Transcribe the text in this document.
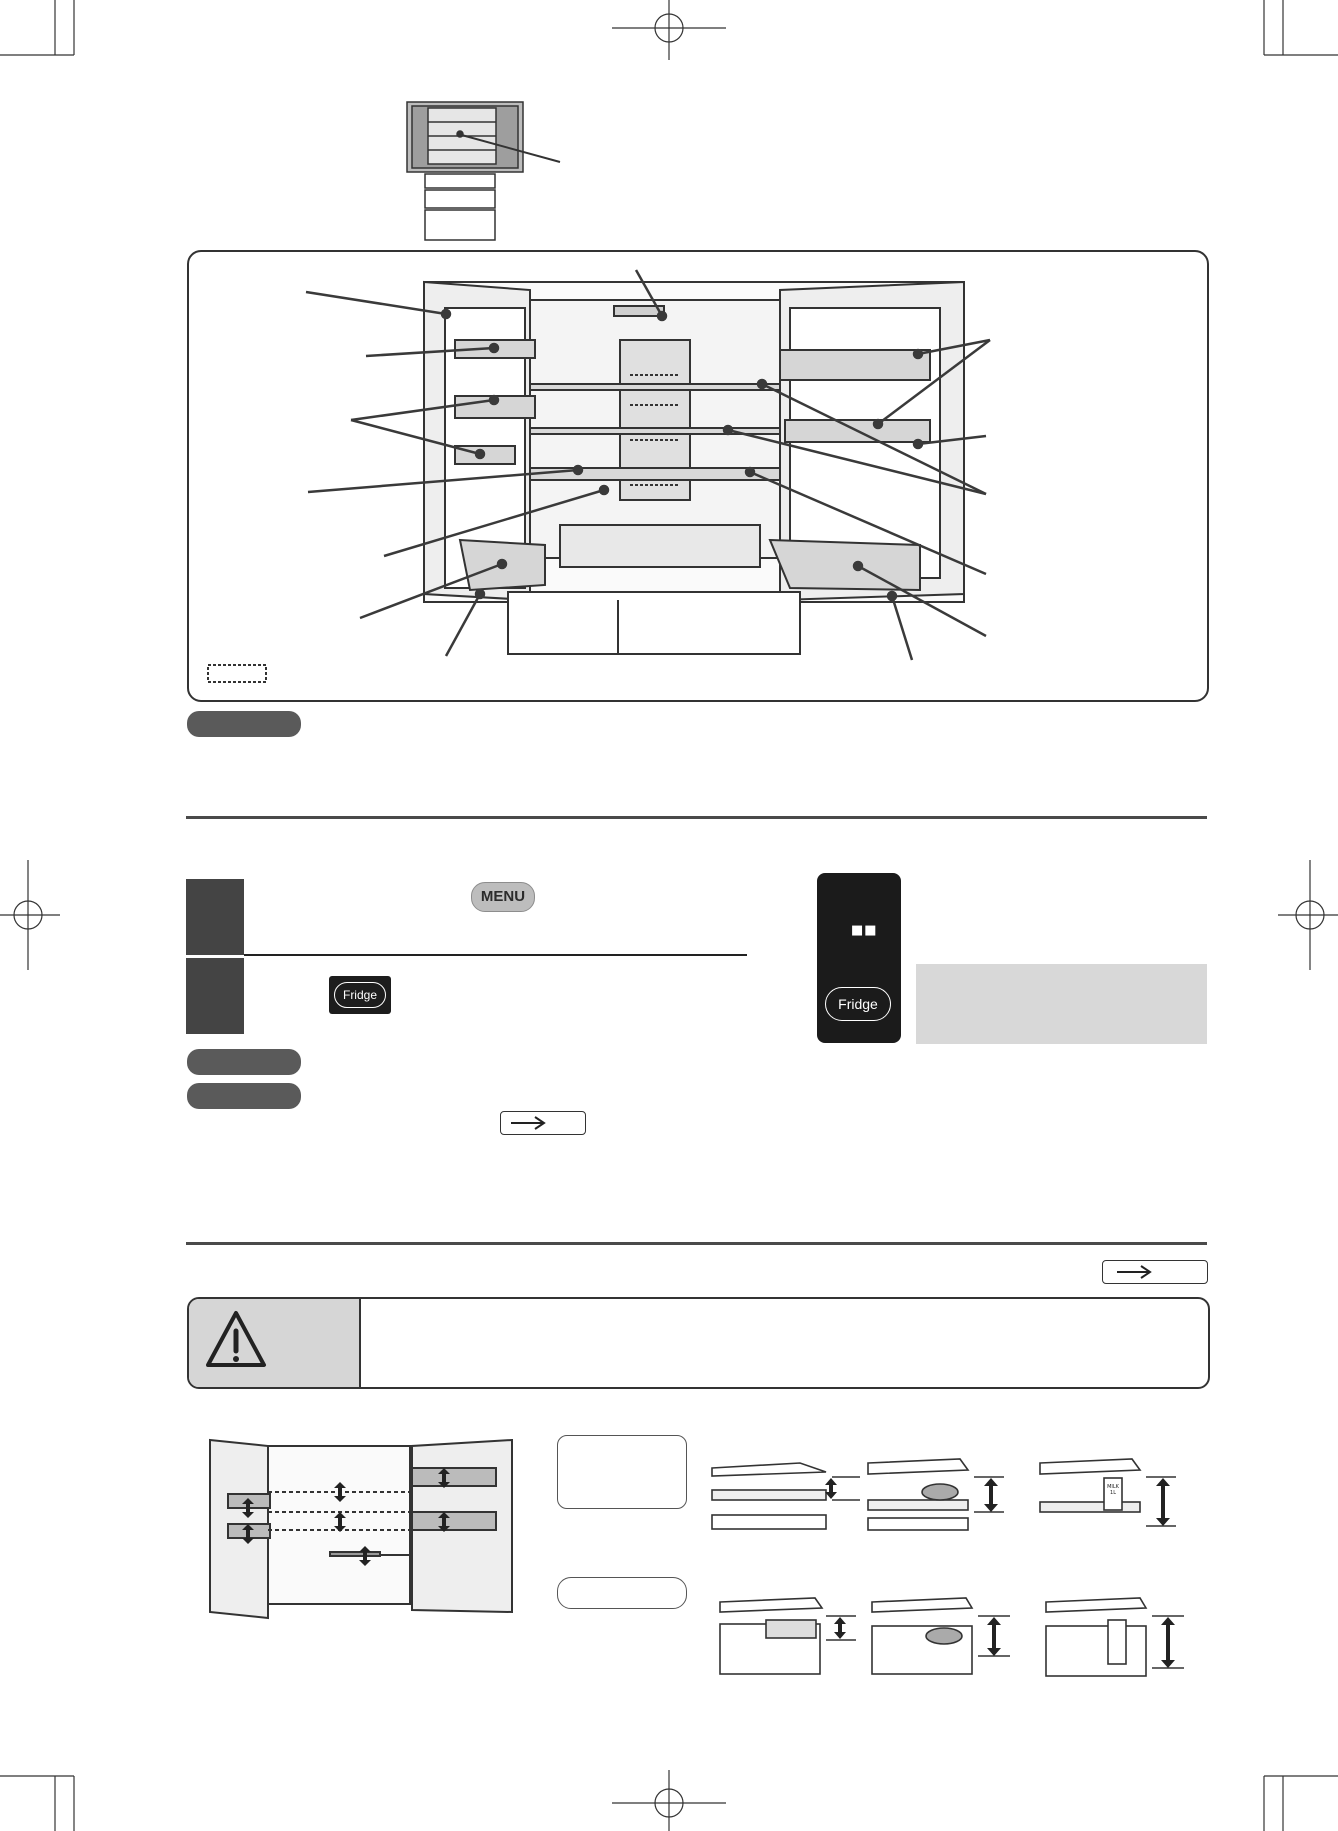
MENU
Fridge
■■
Fridge
MILK 1L
